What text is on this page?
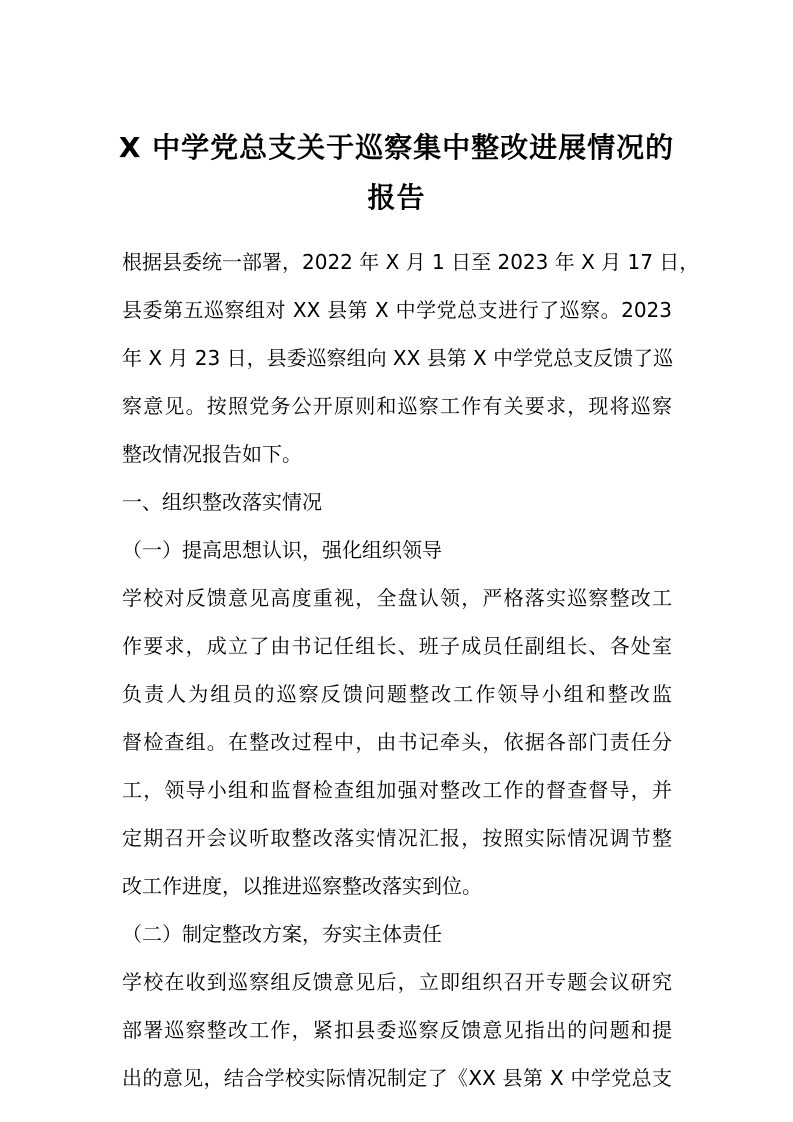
X 中学党总支关于巡察集中整改进展情况的
报告
根据县委统一部署，2022 年 X 月 1 日至 2023 年 X 月 17 日，
县委第五巡察组对 XX 县第 X 中学党总支进行了巡察。2023
年 X 月 23 日，县委巡察组向 XX 县第 X 中学党总支反馈了巡
察意见。按照党务公开原则和巡察工作有关要求，现将巡察
整改情况报告如下。
一、组织整改落实情况
（一）提高思想认识，强化组织领导
学校对反馈意见高度重视，全盘认领，严格落实巡察整改工
作要求，成立了由书记任组长、班子成员任副组长、各处室
负责人为组员的巡察反馈问题整改工作领导小组和整改监
督检查组。在整改过程中，由书记牵头，依据各部门责任分
工，领导小组和监督检查组加强对整改工作的督查督导，并
定期召开会议听取整改落实情况汇报，按照实际情况调节整
改工作进度，以推进巡察整改落实到位。
（二）制定整改方案，夯实主体责任
学校在收到巡察组反馈意见后，立即组织召开专题会议研究
部署巡察整改工作，紧扣县委巡察反馈意见指出的问题和提
出的意见，结合学校实际情况制定了《XX 县第 X 中学党总支
